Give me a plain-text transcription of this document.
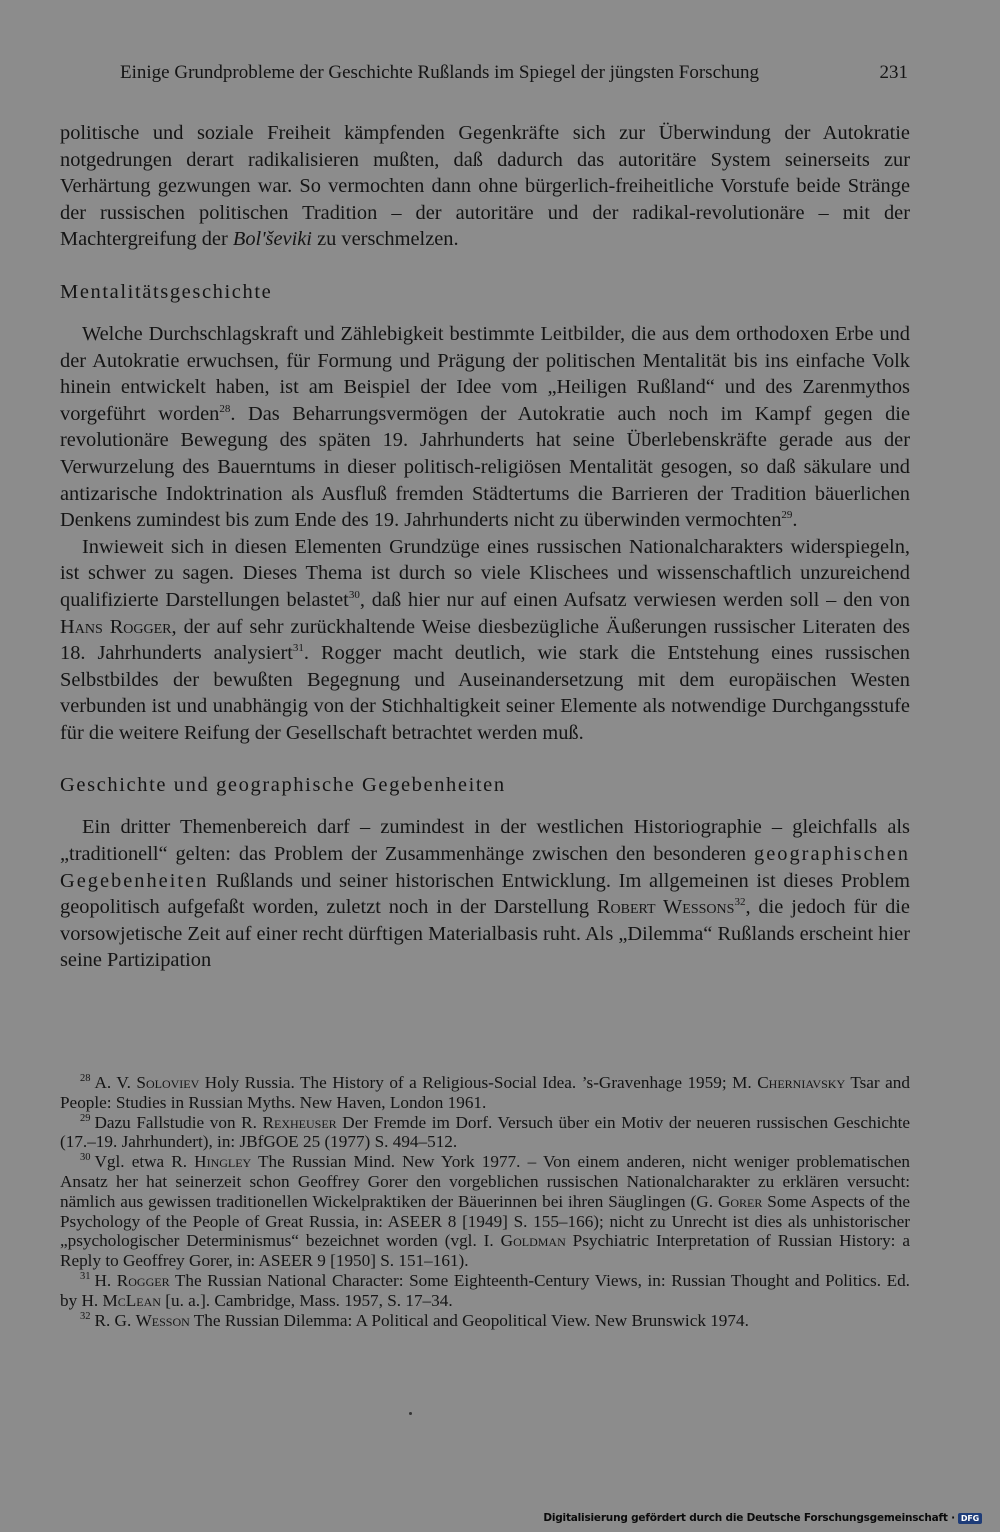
Einige Grundprobleme der Geschichte Rußlands im Spiegel der jüngsten Forschung	231

politische und soziale Freiheit kämpfenden Gegenkräfte sich zur Überwindung der Autokratie notgedrungen derart radikalisieren mußten, daß dadurch das autoritäre System seinerseits zur Verhärtung gezwungen war. So vermochten dann ohne bürgerlich-freiheitliche Vorstufe beide Stränge der russischen politischen Tradition – der autoritäre und der radikal-revolutionäre – mit der Machtergreifung der Bol'ševiki zu verschmelzen.

Mentalitätsgeschichte

Welche Durchschlagskraft und Zählebigkeit bestimmte Leitbilder, die aus dem orthodoxen Erbe und der Autokratie erwuchsen, für Formung und Prägung der politischen Mentalität bis ins einfache Volk hinein entwickelt haben, ist am Beispiel der Idee vom „Heiligen Rußland“ und des Zarenmythos vorgeführt worden$^{28}$. Das Beharrungsvermögen der Autokratie auch noch im Kampf gegen die revolutionäre Bewegung des späten 19. Jahrhunderts hat seine Überlebenskräfte gerade aus der Verwurzelung des Bauerntums in dieser politisch-religiösen Mentalität gesogen, so daß säkulare und antizarische Indoktrination als Ausfluß fremden Städtertums die Barrieren der Tradition bäuerlichen Denkens zumindest bis zum Ende des 19. Jahrhunderts nicht zu überwinden vermochten$^{29}$.

Inwieweit sich in diesen Elementen Grundzüge eines russischen Nationalcharakters widerspiegeln, ist schwer zu sagen. Dieses Thema ist durch so viele Klischees und wissenschaftlich unzureichend qualifizierte Darstellungen belastet$^{30}$, daß hier nur auf einen Aufsatz verwiesen werden soll – den von Hans Rogger, der auf sehr zurückhaltende Weise diesbezügliche Äußerungen russischer Literaten des 18. Jahrhunderts analysiert$^{31}$. Rogger macht deutlich, wie stark die Entstehung eines russischen Selbstbildes der bewußten Begegnung und Auseinandersetzung mit dem europäischen Westen verbunden ist und unabhängig von der Stichhaltigkeit seiner Elemente als notwendige Durchgangsstufe für die weitere Reifung der Gesellschaft betrachtet werden muß.

Geschichte und geographische Gegebenheiten

Ein dritter Themenbereich darf – zumindest in der westlichen Historiographie – gleichfalls als „traditionell“ gelten: das Problem der Zusammenhänge zwischen den besonderen geographischen Gegebenheiten Rußlands und seiner historischen Entwicklung. Im allgemeinen ist dieses Problem geopolitisch aufgefaßt worden, zuletzt noch in der Darstellung Robert Wessons$^{32}$, die jedoch für die vorsowjetische Zeit auf einer recht dürftigen Materialbasis ruht. Als „Dilemma“ Rußlands erscheint hier seine Partizipation

$^{28}$ A. V. Soloviev Holy Russia. The History of a Religious-Social Idea. ’s-Gravenhage 1959; M. Cherniavsky Tsar and People: Studies in Russian Myths. New Haven, London 1961.

$^{29}$ Dazu Fallstudie von R. Rexheuser Der Fremde im Dorf. Versuch über ein Motiv der neueren russischen Geschichte (17.–19. Jahrhundert), in: JBfGOE 25 (1977) S. 494–512.

$^{30}$ Vgl. etwa R. Hingley The Russian Mind. New York 1977. – Von einem anderen, nicht weniger problematischen Ansatz her hat seinerzeit schon Geoffrey Gorer den vorgeblichen russischen Nationalcharakter zu erklären versucht: nämlich aus gewissen traditionellen Wickelpraktiken der Bäuerinnen bei ihren Säuglingen (G. Gorer Some Aspects of the Psychology of the People of Great Russia, in: ASEER 8 [1949] S. 155–166); nicht zu Unrecht ist dies als unhistorischer „psychologischer Determinismus“ bezeichnet worden (vgl. I. Goldman Psychiatric Interpretation of Russian History: a Reply to Geoffrey Gorer, in: ASEER 9 [1950] S. 151–161).

$^{31}$ H. Rogger The Russian National Character: Some Eighteenth-Century Views, in: Russian Thought and Politics. Ed. by H. McLean [u. a.]. Cambridge, Mass. 1957, S. 17–34.

$^{32}$ R. G. Wesson The Russian Dilemma: A Political and Geopolitical View. New Brunswick 1974.

Digitalisierung gefördert durch die Deutsche Forschungsgemeinschaft · DFG
